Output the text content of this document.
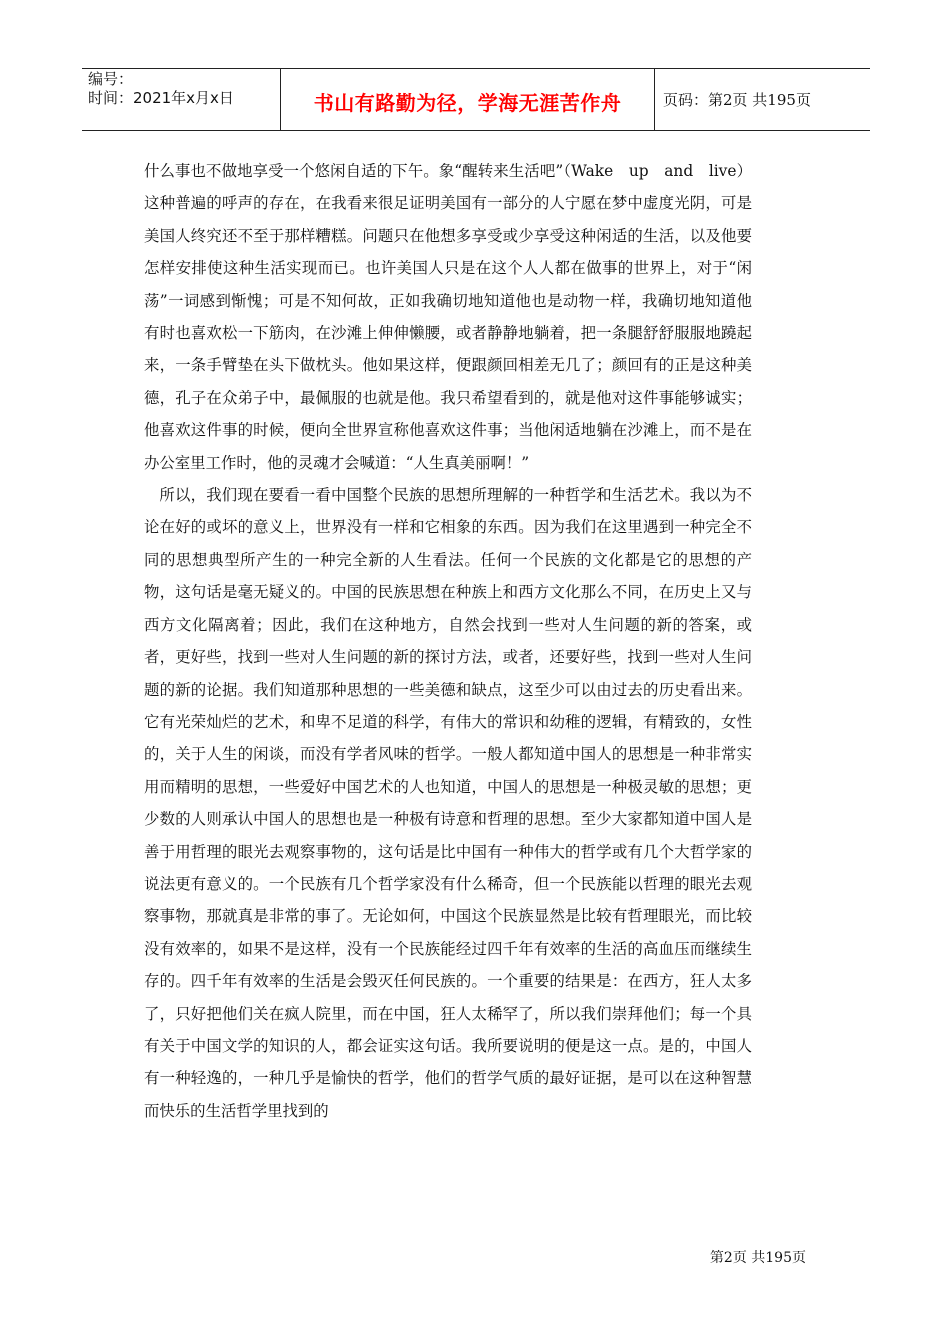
编号：
时间：2021年x月x日	书山有路勤为径，学海无涯苦作舟	页码：第2页 共195页

什么事也不做地享受一个悠闲自适的下午。象“醒转来生活吧”（Wake　up　and　live）这种普遍的呼声的存在，在我看来很足证明美国有一部分的人宁愿在梦中虚度光阴，可是美国人终究还不至于那样糟糕。问题只在他想多享受或少享受这种闲适的生活，以及他要怎样安排使这种生活实现而已。也许美国人只是在这个人人都在做事的世界上，对于“闲荡”一词感到惭愧；可是不知何故，正如我确切地知道他也是动物一样，我确切地知道他有时也喜欢松一下筋肉，在沙滩上伸伸懒腰，或者静静地躺着，把一条腿舒舒服服地蹺起来，一条手臂垫在头下做枕头。他如果这样，便跟颜回相差无几了；颜回有的正是这种美德，孔子在众弟子中，最佩服的也就是他。我只希望看到的，就是他对这件事能够诚实；他喜欢这件事的时候，便向全世界宣称他喜欢这件事；当他闲适地躺在沙滩上，而不是在办公室里工作时，他的灵魂才会喊道：“人生真美丽啊！”

所以，我们现在要看一看中国整个民族的思想所理解的一种哲学和生活艺术。我以为不论在好的或坏的意义上，世界没有一样和它相象的东西。因为我们在这里遇到一种完全不同的思想典型所产生的一种完全新的人生看法。任何一个民族的文化都是它的思想的产物，这句话是毫无疑义的。中国的民族思想在种族上和西方文化那么不同，在历史上又与西方文化隔离着；因此，我们在这种地方，自然会找到一些对人生问题的新的答案，或者，更好些，找到一些对人生问题的新的探讨方法，或者，还要好些，找到一些对人生问题的新的论据。我们知道那种思想的一些美德和缺点，这至少可以由过去的历史看出来。它有光荣灿烂的艺术，和卑不足道的科学，有伟大的常识和幼稚的逻辑，有精致的，女性的，关于人生的闲谈，而没有学者风味的哲学。一般人都知道中国人的思想是一种非常实用而精明的思想，一些爱好中国艺术的人也知道，中国人的思想是一种极灵敏的思想；更少数的人则承认中国人的思想也是一种极有诗意和哲理的思想。至少大家都知道中国人是善于用哲理的眼光去观察事物的，这句话是比中国有一种伟大的哲学或有几个大哲学家的说法更有意义的。一个民族有几个哲学家没有什么稀奇，但一个民族能以哲理的眼光去观察事物，那就真是非常的事了。无论如何，中国这个民族显然是比较有哲理眼光，而比较没有效率的，如果不是这样，没有一个民族能经过四千年有效率的生活的高血压而继续生存的。四千年有效率的生活是会毁灭任何民族的。一个重要的结果是：在西方，狂人太多了，只好把他们关在疯人院里，而在中国，狂人太稀罕了，所以我们崇拜他们；每一个具有关于中国文学的知识的人，都会证实这句话。我所要说明的便是这一点。是的，中国人有一种轻逸的，一种几乎是愉快的哲学，他们的哲学气质的最好证据，是可以在这种智慧而快乐的生活哲学里找到的

第2页 共195页
